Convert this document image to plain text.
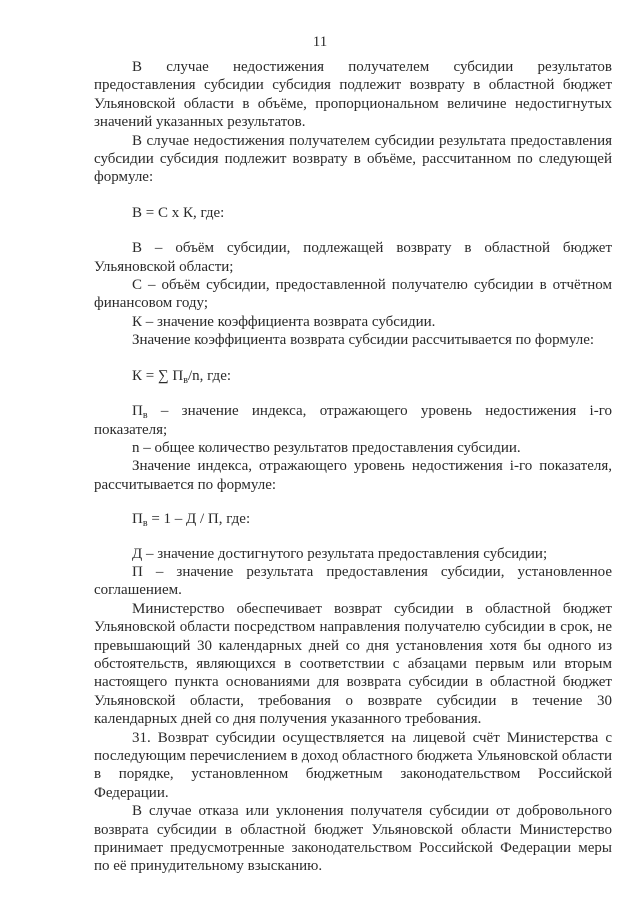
11

В случае недостижения получателем субсидии результатов предоставления субсидии субсидия подлежит возврату в областной бюджет Ульяновской области в объёме, пропорциональном величине недостигнутых значений указанных результатов.

В случае недостижения получателем субсидии результата предоставления субсидии субсидия подлежит возврату в объёме, рассчитанном по следующей формуле:

В = С х К, где:

В – объём субсидии, подлежащей возврату в областной бюджет Ульяновской области;

С – объём субсидии, предоставленной получателю субсидии в отчётном финансовом году;

К – значение коэффициента возврата субсидии.

Значение коэффициента возврата субсидии рассчитывается по формуле:

К = ∑ $П_в/n$, где:

$П_в$ – значение индекса, отражающего уровень недостижения i-го показателя;

n – общее количество результатов предоставления субсидии.

Значение индекса, отражающего уровень недостижения i-го показателя, рассчитывается по формуле:

$П_в = 1 - Д / П$, где:

Д – значение достигнутого результата предоставления субсидии;

П – значение результата предоставления субсидии, установленное соглашением.

Министерство обеспечивает возврат субсидии в областной бюджет Ульяновской области посредством направления получателю субсидии в срок, не превышающий 30 календарных дней со дня установления хотя бы одного из обстоятельств, являющихся в соответствии с абзацами первым или вторым настоящего пункта основаниями для возврата субсидии в областной бюджет Ульяновской области, требования о возврате субсидии в течение 30 календарных дней со дня получения указанного требования.

31. Возврат субсидии осуществляется на лицевой счёт Министерства с последующим перечислением в доход областного бюджета Ульяновской области в порядке, установленном бюджетным законодательством Российской Федерации.

В случае отказа или уклонения получателя субсидии от добровольного возврата субсидии в областной бюджет Ульяновской области Министерство принимает предусмотренные законодательством Российской Федерации меры по её принудительному взысканию.
